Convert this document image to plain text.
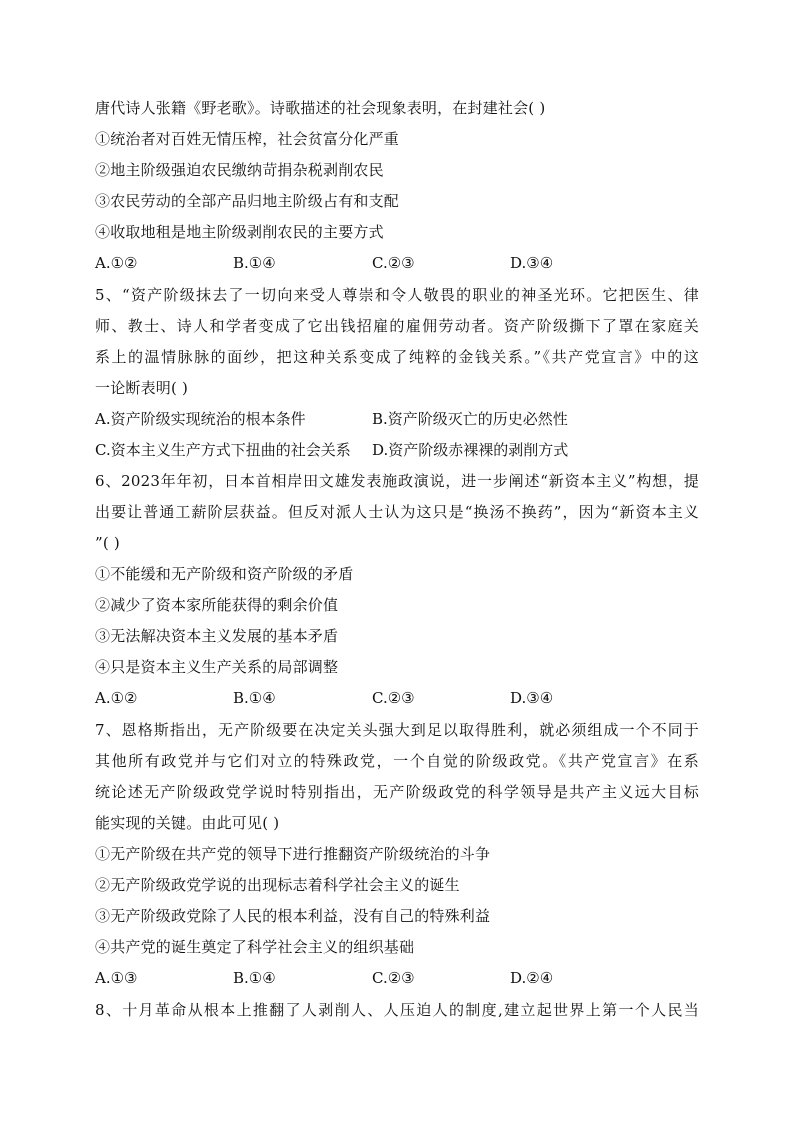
唐代诗人张籍《野老歌》。诗歌描述的社会现象表明，在封建社会( )
①统治者对百姓无情压榨，社会贫富分化严重
②地主阶级强迫农民缴纳苛捐杂税剥削农民
③农民劳动的全部产品归地主阶级占有和支配
④收取地租是地主阶级剥削农民的主要方式
A.①②	B.①④	C.②③	D.③④
5、“资产阶级抹去了一切向来受人尊崇和令人敬畏的职业的神圣光环。它把医生、律
师、教士、诗人和学者变成了它出钱招雇的雇佣劳动者。资产阶级撕下了罩在家庭关
系上的温情脉脉的面纱，把这种关系变成了纯粹的金钱关系。”《共产党宣言》中的这
一论断表明( )
A.资产阶级实现统治的根本条件	B.资产阶级灭亡的历史必然性
C.资本主义生产方式下扭曲的社会关系 D.资产阶级赤裸裸的剥削方式
6、2023年年初，日本首相岸田文雄发表施政演说，进一步阐述“新资本主义”构想，提
出要让普通工薪阶层获益。但反对派人士认为这只是“换汤不换药”，因为“新资本主义
”( )
①不能缓和无产阶级和资产阶级的矛盾
②减少了资本家所能获得的剩余价值
③无法解决资本主义发展的基本矛盾
④只是资本主义生产关系的局部调整
A.①②	B.①④	C.②③	D.③④
7、恩格斯指出，无产阶级要在决定关头强大到足以取得胜利，就必须组成一个不同于
其他所有政党并与它们对立的特殊政党，一个自觉的阶级政党。《共产党宣言》在系
统论述无产阶级政党学说时特别指出，无产阶级政党的科学领导是共产主义远大目标
能实现的关键。由此可见( )
①无产阶级在共产党的领导下进行推翻资产阶级统治的斗争
②无产阶级政党学说的出现标志着科学社会主义的诞生
③无产阶级政党除了人民的根本利益，没有自己的特殊利益
④共产党的诞生奠定了科学社会主义的组织基础
A.①③	B.①④	C.②③	D.②④
8、十月革命从根本上推翻了人剥削人、人压迫人的制度,建立起世界上第一个人民当
